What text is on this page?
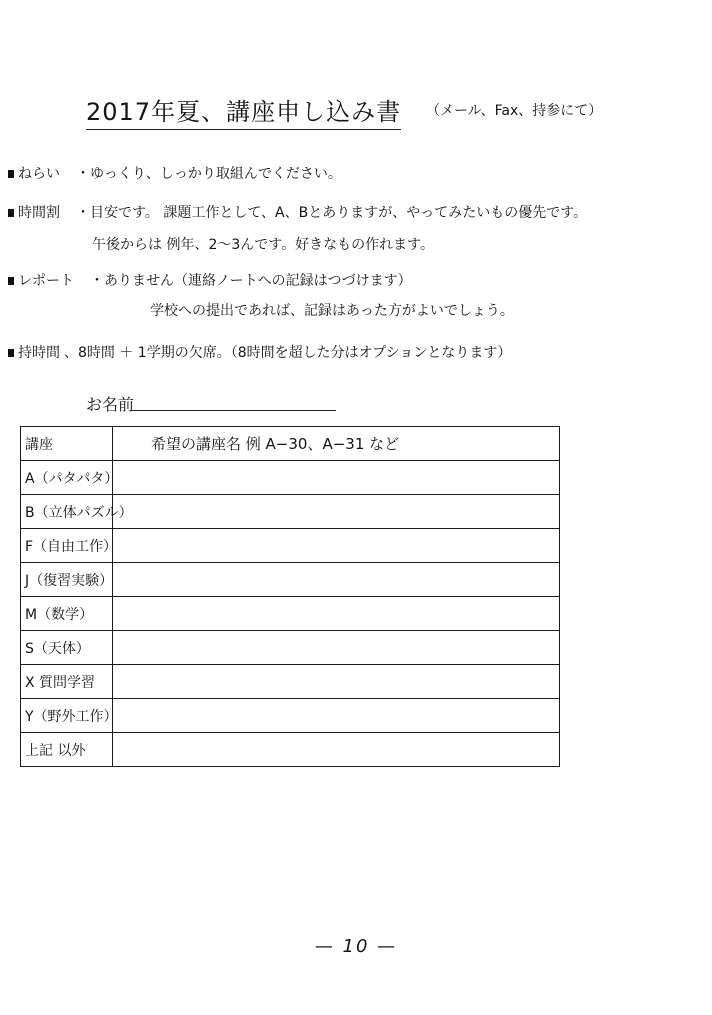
2017年夏、講座申し込み書 （メール、Fax、持参にて）
ねらい ・ゆっくり、しっかり取組んでください。
時間割 ・目安です。 課題工作として、A、Bとありますが、やってみたいもの優先です。
午後からは 例年、2〜3んです。好きなもの作れます。
レポート ・ありません（連絡ノートへの記録はつづけます）
学校への提出であれば、記録はあった方がよいでしょう。
持時間 、8時間 ＋ 1学期の欠席。（8時間を超した分はオプションとなります）
お名前
講座	希望の講座名 例 A−30、A−31 など
A（パタパタ）	
B（立体パズル）	
F（自由工作）	
J（復習実験）	
M（数学）	
S（天体）	
X 質問学習	
Y（野外工作）	
上記 以外	
— 10 —
